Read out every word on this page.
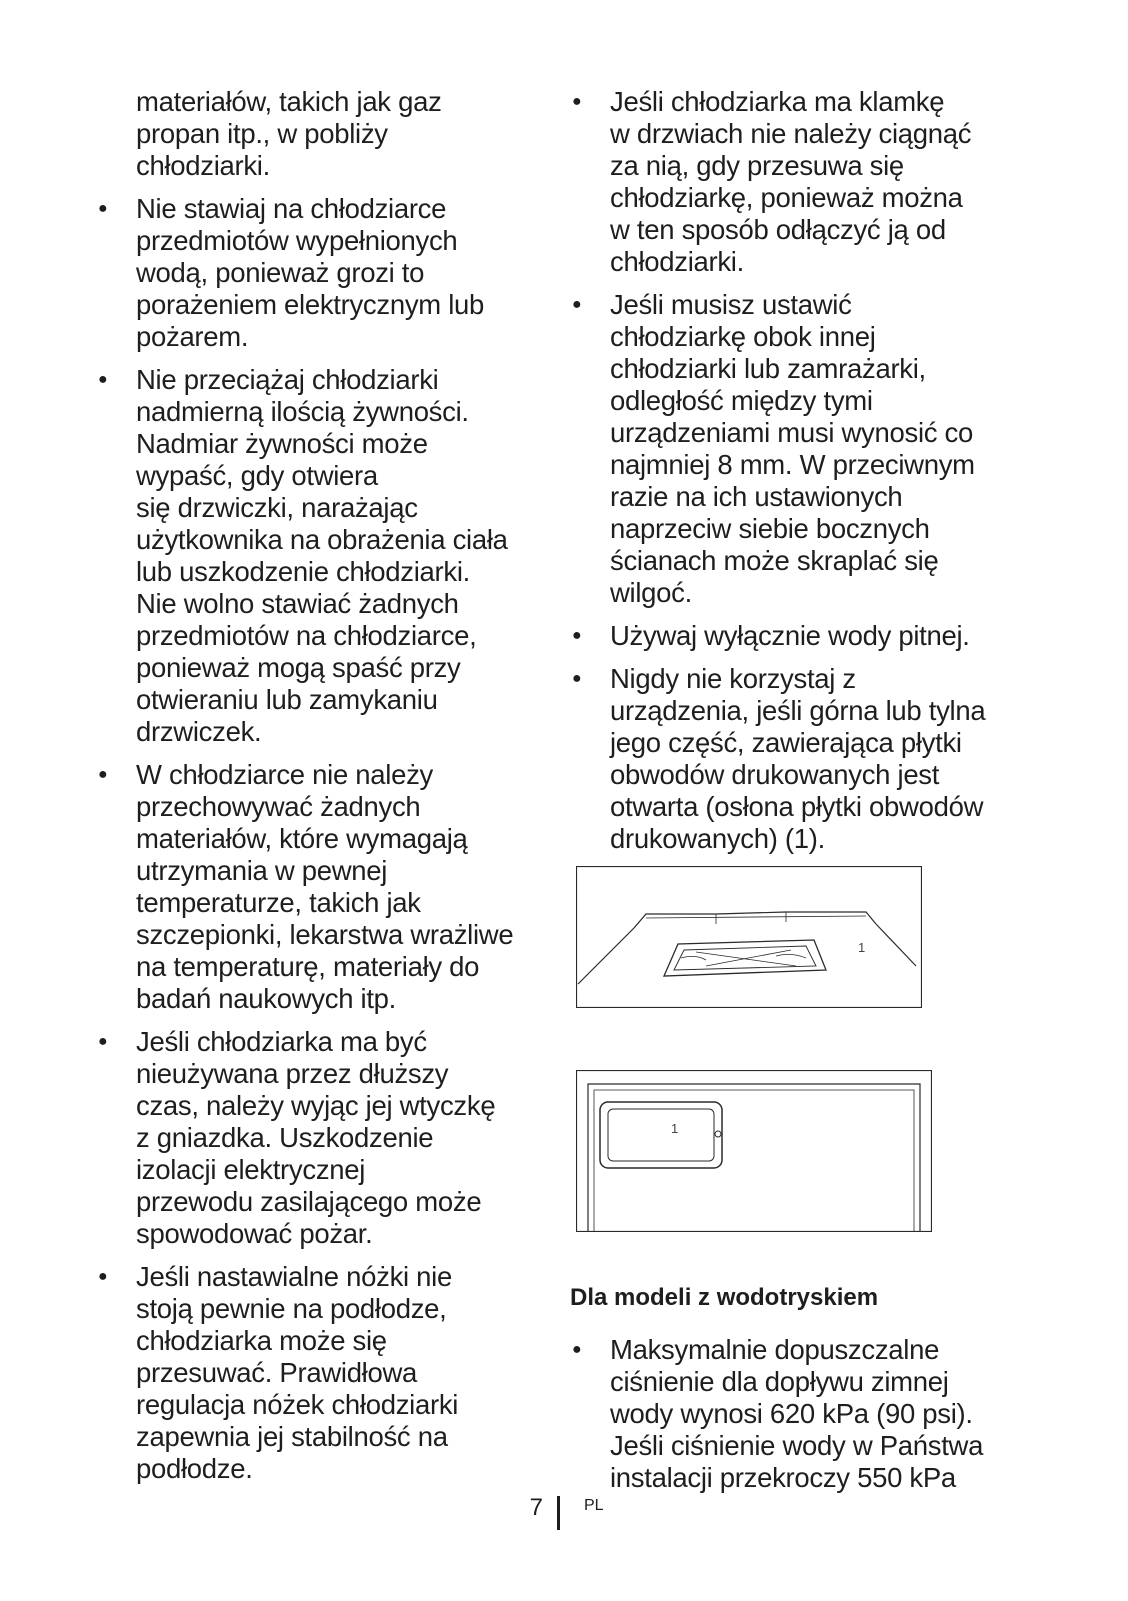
materiałów, takich jak gaz
propan itp., w pobliży
chłodziarki.

● Nie stawiaj na chłodziarce
przedmiotów wypełnionych
wodą, ponieważ grozi to
porażeniem elektrycznym lub
pożarem.

● Nie przeciążaj chłodziarki
nadmierną ilością żywności.
Nadmiar żywności może
wypaść, gdy otwiera
się drzwiczki, narażając
użytkownika na obrażenia ciała
lub uszkodzenie chłodziarki.
Nie wolno stawiać żadnych
przedmiotów na chłodziarce,
ponieważ mogą spaść przy
otwieraniu lub zamykaniu
drzwiczek.

● W chłodziarce nie należy
przechowywać żadnych
materiałów, które wymagają
utrzymania w pewnej
temperaturze, takich jak
szczepionki, lekarstwa wrażliwe
na temperaturę, materiały do
badań naukowych itp.

● Jeśli chłodziarka ma być
nieużywana przez dłuższy
czas, należy wyjąc jej wtyczkę
z gniazdka. Uszkodzenie
izolacji elektrycznej
przewodu zasilającego może
spowodować pożar.

● Jeśli nastawialne nóżki nie
stoją pewnie na podłodze,
chłodziarka może się
przesuwać. Prawidłowa
regulacja nóżek chłodziarki
zapewnia jej stabilność na
podłodze.

● Jeśli chłodziarka ma klamkę
w drzwiach nie należy ciągnąć
za nią, gdy przesuwa się
chłodziarkę, ponieważ można
w ten sposób odłączyć ją od
chłodziarki.

● Jeśli musisz ustawić
chłodziarkę obok innej
chłodziarki lub zamrażarki,
odległość między tymi
urządzeniami musi wynosić co
najmniej 8 mm. W przeciwnym
razie na ich ustawionych
naprzeciw siebie bocznych
ścianach może skraplać się
wilgoć.

● Używaj wyłącznie wody pitnej.

● Nigdy nie korzystaj z
urządzenia, jeśli górna lub tylna
jego część, zawierająca płytki
obwodów drukowanych jest
otwarta (osłona płytki obwodów
drukowanych) (1).

1
1
Dla modeli z wodotryskiem

● Maksymalnie dopuszczalne
ciśnienie dla dopływu zimnej
wody wynosi 620 kPa (90 psi).
Jeśli ciśnienie wody w Państwa
instalacji przekroczy 550 kPa

7	PL
